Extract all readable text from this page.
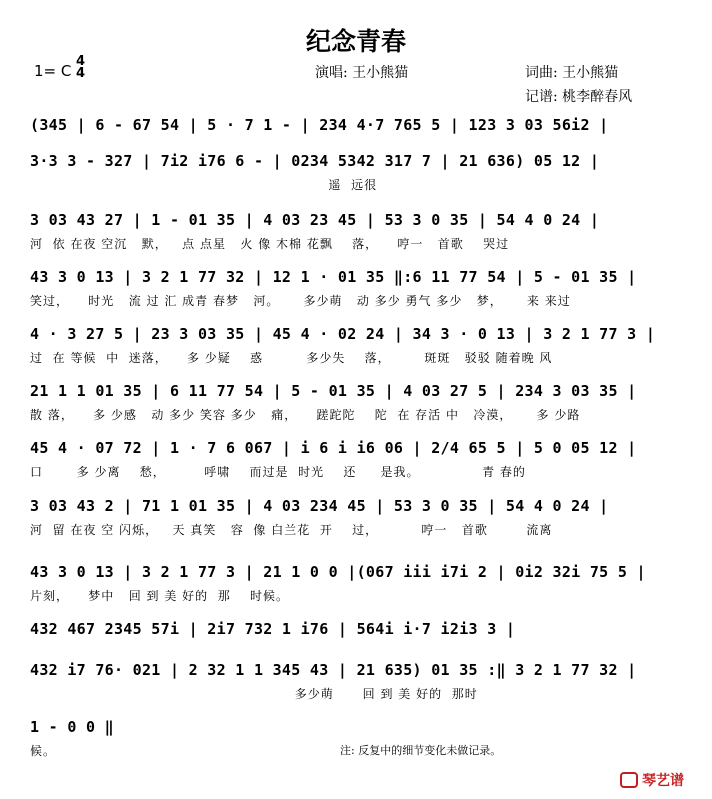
纪念青春
1= C
4
4	演唱: 王小熊猫	词曲: 王小熊猫
记谱: 桃李醉春风
(345 | 6 - 67 54 | 5 · 7 1 - | 234 4·7 765 5 | 123 3 03 56i2 |
3·3 3 - 327 | 7i2 i76 6 - | 0234 5342 317 7 | 21 636) 05 12 |
遥  远很
3 03 43 27 | 1 - 01 35 | 4 03 23 45 | 53 3 0 35 | 54 4 0 24 |
河  依 在夜 空沉   默，   点 点星   火 像 木棉 花飘    落，    哼一   首歌    哭过
43 3 0 13 | 3 2 1 77 32 | 12 1 · 01 35 ‖:6 11 77 54 | 5 - 01 35 |
笑过，    时光   流 过 汇 成青 春梦   河。     多少萌   动 多少 勇气 多少   梦，     来 来过
4 · 3 27 5 | 23 3 03 35 | 45 4 · 02 24 | 34 3 · 0 13 | 3 2 1 77 3 |
过  在 等候  中  迷落，    多 少疑    惑         多少失    落，       斑斑   驳驳 随着晚 风
21 1 1 01 35 | 6 11 77 54 | 5 - 01 35 | 4 03 27 5 | 234 3 03 35 |
散 落，    多 少感   动 多少 笑容 多少   痛，    蹉跎陀    陀  在 存活 中   冷漠，     多 少路
45 4 · 07 72 | 1 · 7 6 067 | i 6 i i6 06 | 2/4 65 5 | 5 0 05 12 |
口       多 少离    愁，        呼啸    而过是  时光    还     是我。             青 春的
3 03 43 2 | 71 1 01 35 | 4 03 234 45 | 53 3 0 35 | 54 4 0 24 |
河  留 在夜 空 闪烁，   天 真笑   容  像 白兰花  开    过，         哼一   首歌        流离
43 3 0 13 | 3 2 1 77 3 | 21 1 0 0 |(067 iii i7i 2 | 0i2 32i 75 5 |
片刻，    梦中   回 到 美 好的  那    时候。
432 467 2345 57i | 2i7 732 1 i76 | 564i i·7 i2i3 3 |
432 i7 76· 021 | 2 32 1 1 345 43 | 21 635) 01 35 :‖ 3 2 1 77 32 |
多少萌      回 到 美 好的  那时
1 - 0 0 ‖
候。	注: 反复中的细节变化未做记录。
琴艺谱
